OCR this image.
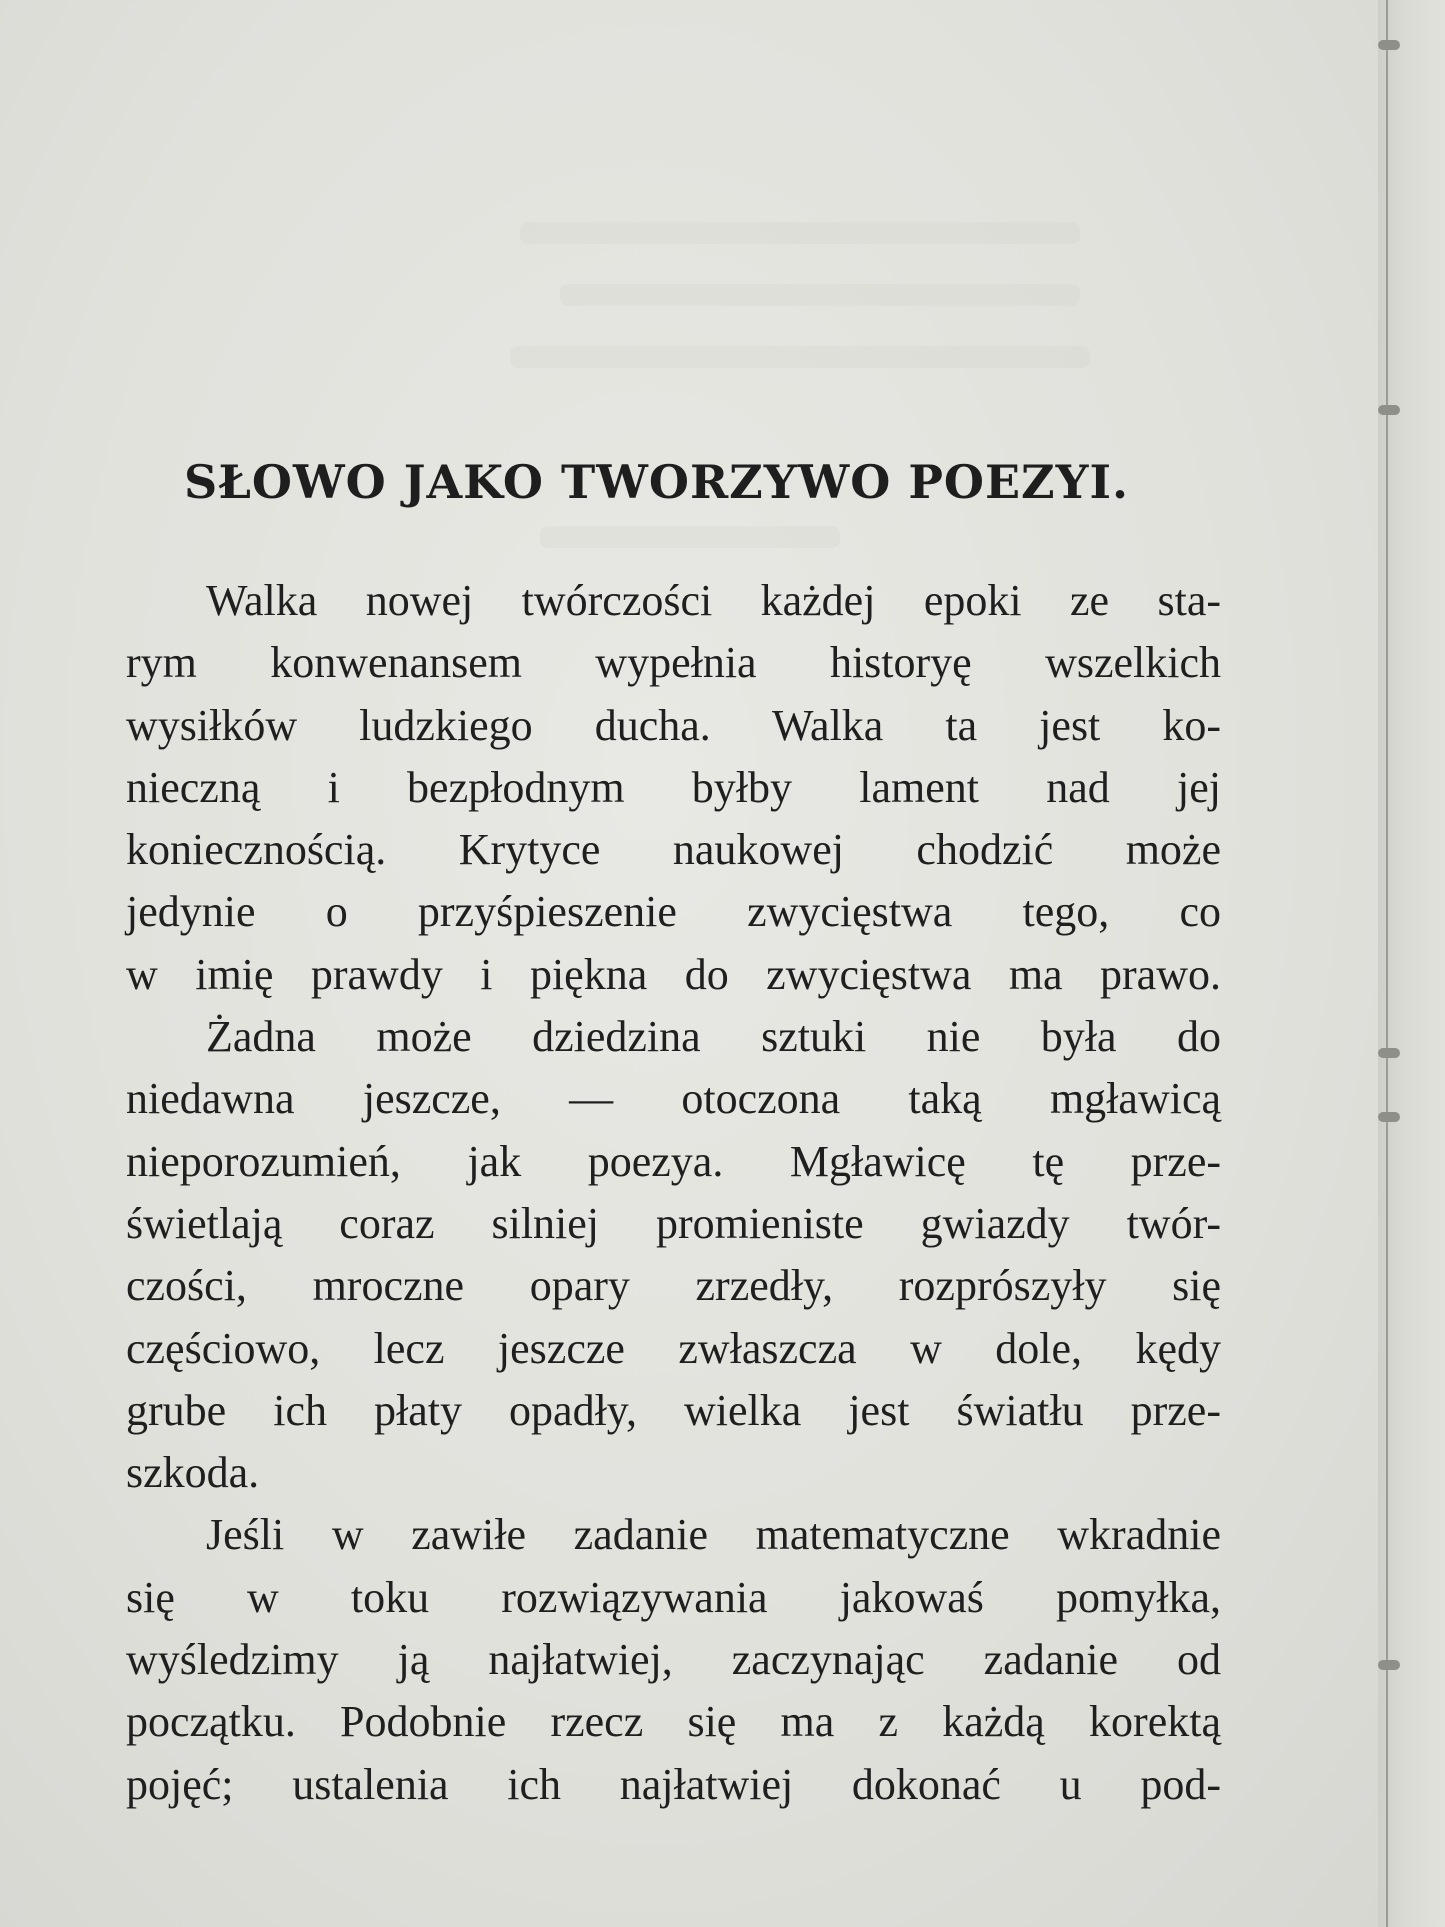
SŁOWO JAKO TWORZYWO POEZYI.
Walka nowej twórczości każdej epoki ze sta-
rym konwenansem wypełnia historyę wszelkich
wysiłków ludzkiego ducha. Walka ta jest ko-
nieczną i bezpłodnym byłby lament nad jej
koniecznością. Krytyce naukowej chodzić może
jedynie o przyśpieszenie zwycięstwa tego, co
w imię prawdy i piękna do zwycięstwa ma prawo.
Żadna może dziedzina sztuki nie była do
niedawna jeszcze, — otoczona taką mgławicą
nieporozumień, jak poezya. Mgławicę tę prze-
świetlają coraz silniej promieniste gwiazdy twór-
czości, mroczne opary zrzedły, rozprószyły się
częściowo, lecz jeszcze zwłaszcza w dole, kędy
grube ich płaty opadły, wielka jest światłu prze-
szkoda.
Jeśli w zawiłe zadanie matematyczne wkradnie
się w toku rozwiązywania jakowaś pomyłka,
wyśledzimy ją najłatwiej, zaczynając zadanie od
początku. Podobnie rzecz się ma z każdą korektą
pojęć; ustalenia ich najłatwiej dokonać u pod-
